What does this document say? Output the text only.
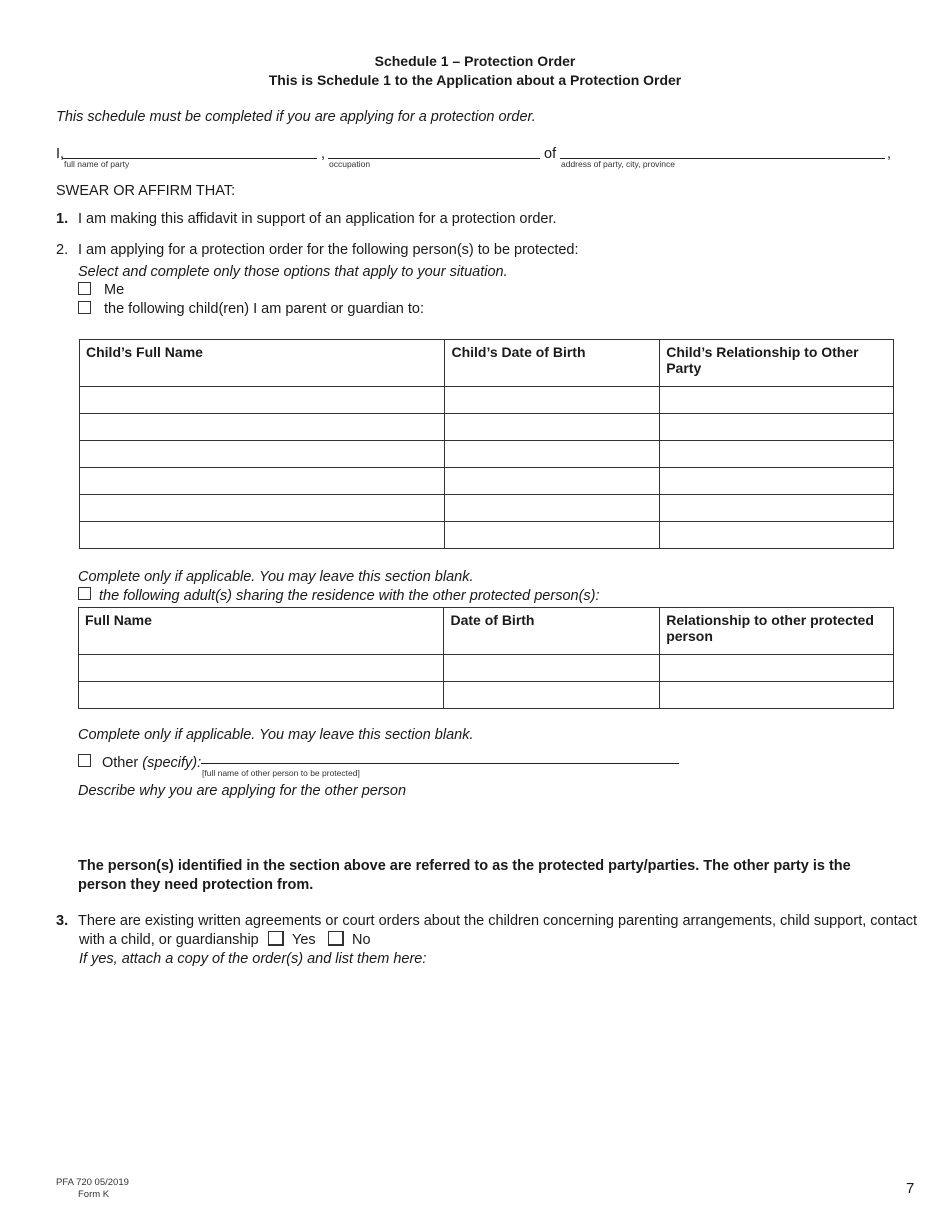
Schedule 1 – Protection Order
This is Schedule 1 to the Application about a Protection Order
This schedule must be completed if you are applying for a protection order.
I,
full name of party
,
occupation
of
address of party, city, province
,
SWEAR OR AFFIRM THAT:
1. I am making this affidavit in support of an application for a protection order.
2. I am applying for a protection order for the following person(s) to be protected:
Select and complete only those options that apply to your situation.
Me
the following child(ren) I am parent or guardian to:
Child’s Full Name	Child’s Date of Birth	Child’s Relationship to Other Party

Complete only if applicable. You may leave this section blank.
the following adult(s) sharing the residence with the other protected person(s):
Full Name	Date of Birth	Relationship to other protected person

Complete only if applicable. You may leave this section blank.
Other (specify):
[full name of other person to be protected]
Describe why you are applying for the other person
The person(s) identified in the section above are referred to as the protected party/parties. The other party is the person they need protection from.
3. There are existing written agreements or court orders about the children concerning parenting arrangements, child support, contact
with a child, or guardianship Yes	No
If yes, attach a copy of the order(s) and list them here:
PFA 720 05/2019
Form K	7
